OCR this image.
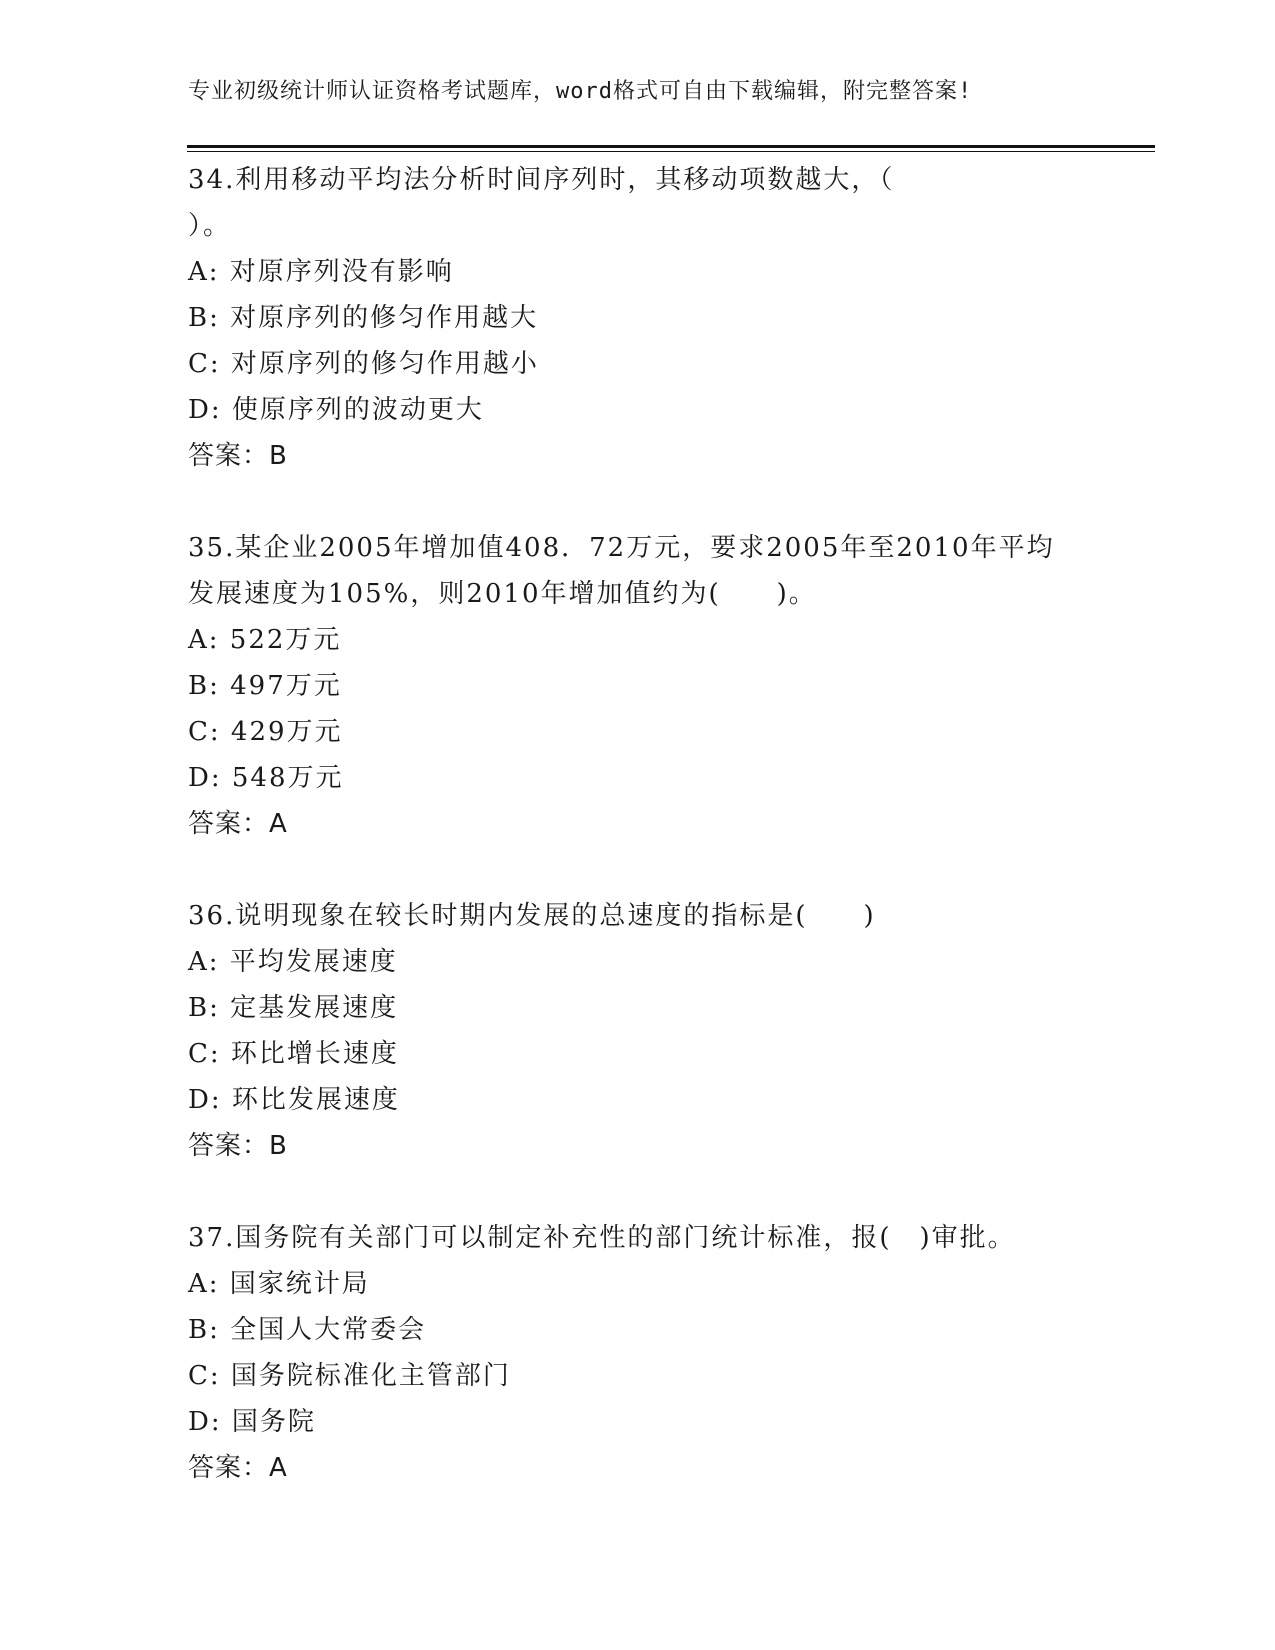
专业初级统计师认证资格考试题库，word格式可自由下载编辑，附完整答案!
34.利用移动平均法分析时间序列时，其移动项数越大，（
）。
A: 对原序列没有影响
B: 对原序列的修匀作用越大
C: 对原序列的修匀作用越小
D: 使原序列的波动更大
答案：B
35.某企业2005年增加值408．72万元，要求2005年至2010年平均
发展速度为105%，则2010年增加值约为(　　)。
A: 522万元
B: 497万元
C: 429万元
D: 548万元
答案：A
36.说明现象在较长时期内发展的总速度的指标是(　　)
A: 平均发展速度
B: 定基发展速度
C: 环比增长速度
D: 环比发展速度
答案：B
37.国务院有关部门可以制定补充性的部门统计标准，报(　)审批。
A: 国家统计局
B: 全国人大常委会
C: 国务院标准化主管部门
D: 国务院
答案：A
